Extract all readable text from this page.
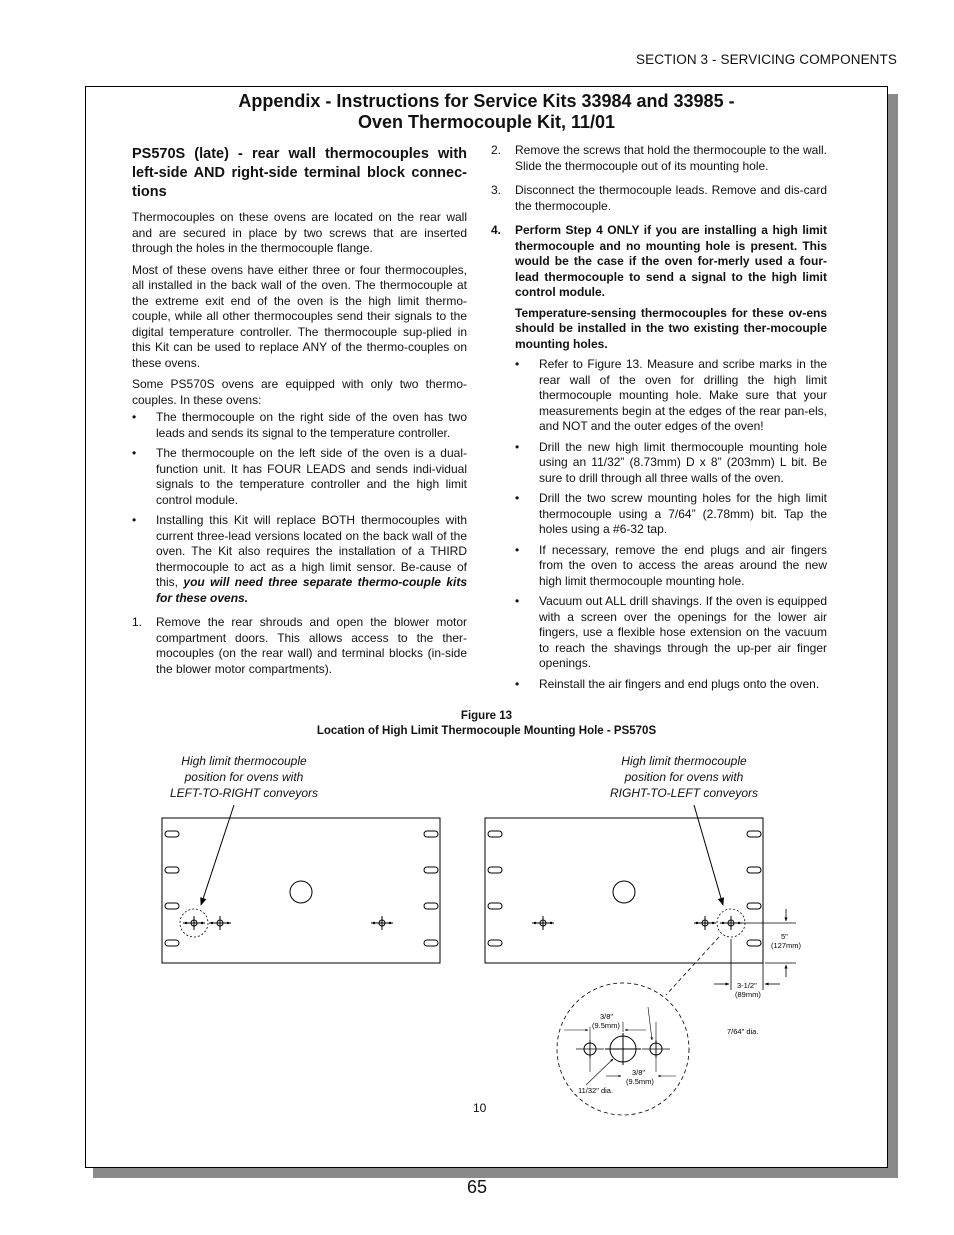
SECTION 3 - SERVICING COMPONENTS
Appendix - Instructions for Service Kits 33984 and 33985 -
Oven Thermocouple Kit, 11/01
PS570S (late) - rear wall thermocouples with left-side AND right-side terminal block connec-tions

Thermocouples on these ovens are located on the rear wall and are secured in place by two screws that are inserted through the holes in the thermocouple flange.

Most of these ovens have either three or four thermocouples, all installed in the back wall of the oven. The thermocouple at the extreme exit end of the oven is the high limit thermo-couple, while all other thermocouples send their signals to the digital temperature controller. The thermocouple sup-plied in this Kit can be used to replace ANY of the thermo-couples on these ovens.

Some PS570S ovens are equipped with only two thermo-couples. In these ovens:

• The thermocouple on the right side of the oven has two leads and sends its signal to the temperature controller.
• The thermocouple on the left side of the oven is a dual-function unit. It has FOUR LEADS and sends indi-vidual signals to the temperature controller and the high limit control module.
• Installing this Kit will replace BOTH thermocouples with current three-lead versions located on the back wall of the oven. The Kit also requires the installation of a THIRD thermocouple to act as a high limit sensor. Be-cause of this, you will need three separate thermo-couple kits for these ovens.
1. Remove the rear shrouds and open the blower motor compartment doors. This allows access to the ther-mocouples (on the rear wall) and terminal blocks (in-side the blower motor compartments).
2. Remove the screws that hold the thermocouple to the wall. Slide the thermocouple out of its mounting hole.
3. Disconnect the thermocouple leads. Remove and dis-card the thermocouple.
4. Perform Step 4 ONLY if you are installing a high limit thermocouple and no mounting hole is present. This would be the case if the oven for-merly used a four-lead thermocouple to send a signal to the high limit control module.
Temperature-sensing thermocouples for these ov-ens should be installed in the two existing ther-mocouple mounting holes.
• Refer to Figure 13. Measure and scribe marks in the rear wall of the oven for drilling the high limit thermocouple mounting hole. Make sure that your measurements begin at the edges of the rear pan-els, and NOT and the outer edges of the oven!
• Drill the new high limit thermocouple mounting hole using an 11/32” (8.73mm) D x 8” (203mm) L bit. Be sure to drill through all three walls of the oven.
• Drill the two screw mounting holes for the high limit thermocouple using a 7/64” (2.78mm) bit. Tap the holes using a #6-32 tap.
• If necessary, remove the end plugs and air fingers from the oven to access the areas around the new high limit thermocouple mounting hole.
• Vacuum out ALL drill shavings. If the oven is equipped with a screen over the openings for the lower air fingers, use a flexible hose extension on the vacuum to reach the shavings through the up-per air finger openings.
• Reinstall the air fingers and end plugs onto the oven.
Figure 13
Location of High Limit Thermocouple Mounting Hole - PS570S
High limit thermocouple
position for ovens with
LEFT-TO-RIGHT conveyors
High limit thermocouple
position for ovens with
RIGHT-TO-LEFT conveyors
5"
(127mm)
3-1/2"
(89mm)
3/8"
(9.5mm)
3/8"
(9.5mm)
11/32" dia.
7/64" dia.
10
65
